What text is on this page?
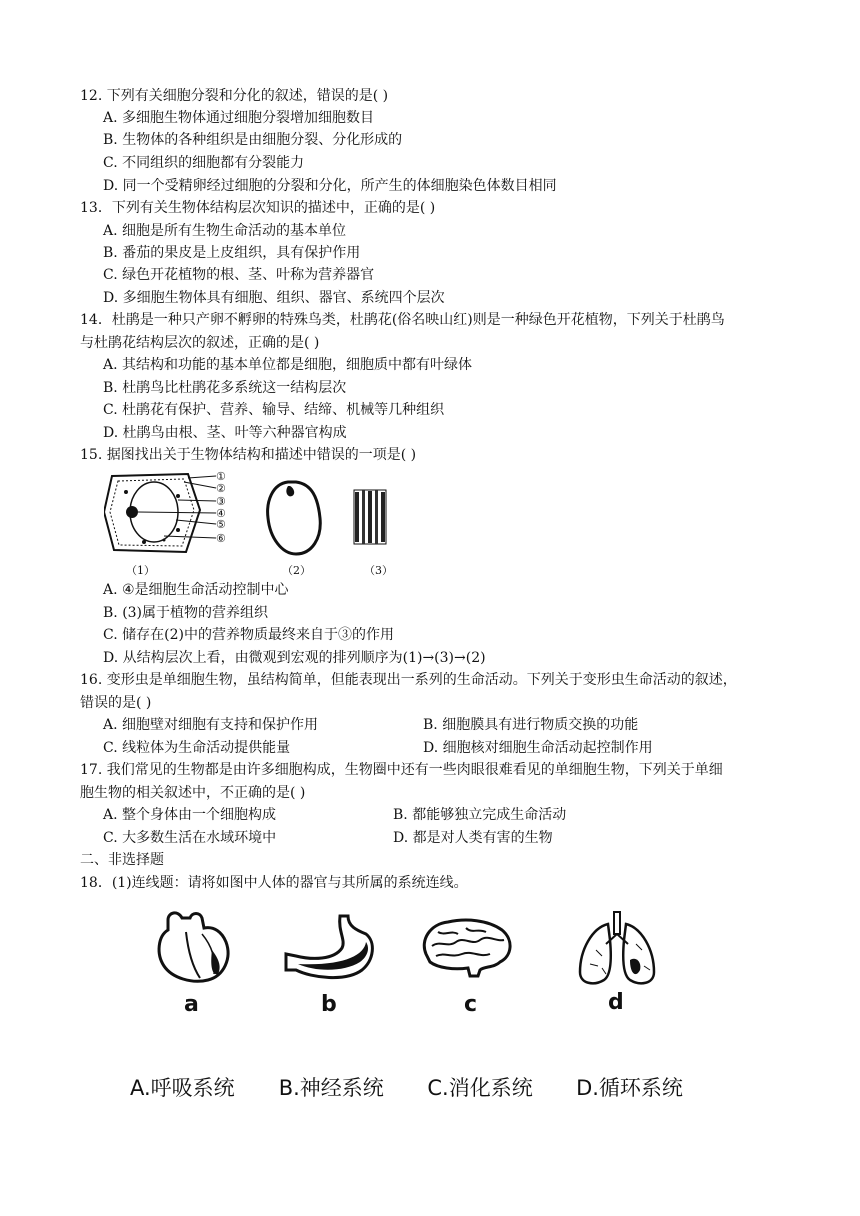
12. 下列有关细胞分裂和分化的叙述，错误的是( )
A. 多细胞生物体通过细胞分裂增加细胞数目
B. 生物体的各种组织是由细胞分裂、分化形成的
C. 不同组织的细胞都有分裂能力
D. 同一个受精卵经过细胞的分裂和分化，所产生的体细胞染色体数目相同
13．下列有关生物体结构层次知识的描述中，正确的是( )
A. 细胞是所有生物生命活动的基本单位
B. 番茄的果皮是上皮组织，具有保护作用
C. 绿色开花植物的根、茎、叶称为营养器官
D. 多细胞生物体具有细胞、组织、器官、系统四个层次
14．杜鹃是一种只产卵不孵卵的特殊鸟类，杜鹃花(俗名映山红)则是一种绿色开花植物，下列关于杜鹃鸟
与杜鹃花结构层次的叙述，正确的是( )
A. 其结构和功能的基本单位都是细胞，细胞质中都有叶绿体
B. 杜鹃鸟比杜鹃花多系统这一结构层次
C. 杜鹃花有保护、营养、输导、结缔、机械等几种组织
D. 杜鹃鸟由根、茎、叶等六种器官构成
15. 据图找出关于生物体结构和描述中错误的一项是( )
①
②
③
④
⑤
⑥
（1）	（2）	（3）
A. ④是细胞生命活动控制中心
B. (3)属于植物的营养组织
C. 储存在(2)中的营养物质最终来自于③的作用
D. 从结构层次上看，由微观到宏观的排列顺序为(1)→(3)→(2)
16. 变形虫是单细胞生物，虽结构简单，但能表现出一系列的生命活动。下列关于变形虫生命活动的叙述，
错误的是( )
A. 细胞壁对细胞有支持和保护作用	B. 细胞膜具有进行物质交换的功能
C. 线粒体为生命活动提供能量	D. 细胞核对细胞生命活动起控制作用
17. 我们常见的生物都是由许多细胞构成，生物圈中还有一些肉眼很难看见的单细胞生物，下列关于单细
胞生物的相关叙述中，不正确的是( )
A. 整个身体由一个细胞构成	B. 都能够独立完成生命活动
C. 大多数生活在水域环境中	D. 都是对人类有害的生物
二、非选择题
18．(1)连线题：请将如图中人体的器官与其所属的系统连线。
a	b	c	d
A.呼吸系统 B.神经系统 C.消化系统 D.循环系统
